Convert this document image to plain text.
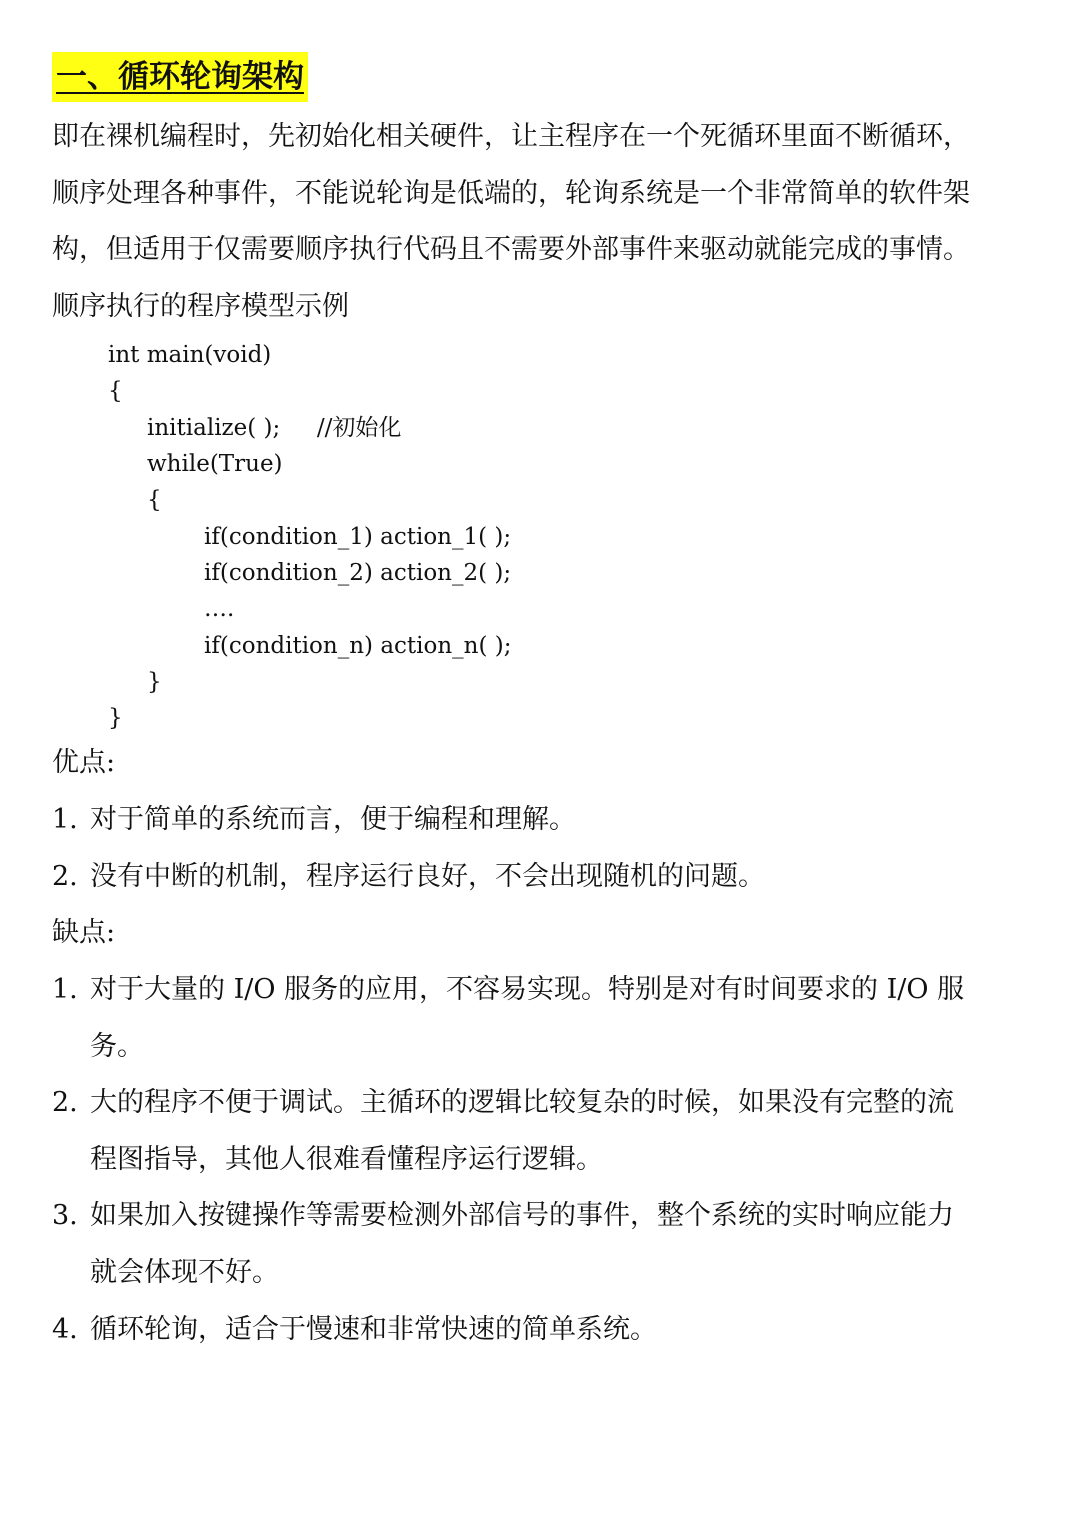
一、循环轮询架构
即在裸机编程时，先初始化相关硬件，让主程序在一个死循环里面不断循环，
顺序处理各种事件，不能说轮询是低端的，轮询系统是一个非常简单的软件架
构，但适用于仅需要顺序执行代码且不需要外部事件来驱动就能完成的事情。
顺序执行的程序模型示例
int main(void)
{
initialize( );     //初始化
while(True)
{
if(condition_1) action_1( );
if(condition_2) action_2( );
….
if(condition_n) action_n( );
}
}
优点:
1. 对于简单的系统而言，便于编程和理解。
2. 没有中断的机制，程序运行良好，不会出现随机的问题。
缺点:
1. 对于大量的 I/O 服务的应用，不容易实现。特别是对有时间要求的 I/O 服
务。
2. 大的程序不便于调试。主循环的逻辑比较复杂的时候，如果没有完整的流
程图指导，其他人很难看懂程序运行逻辑。
3. 如果加入按键操作等需要检测外部信号的事件，整个系统的实时响应能力
就会体现不好。
4. 循环轮询，适合于慢速和非常快速的简单系统。
